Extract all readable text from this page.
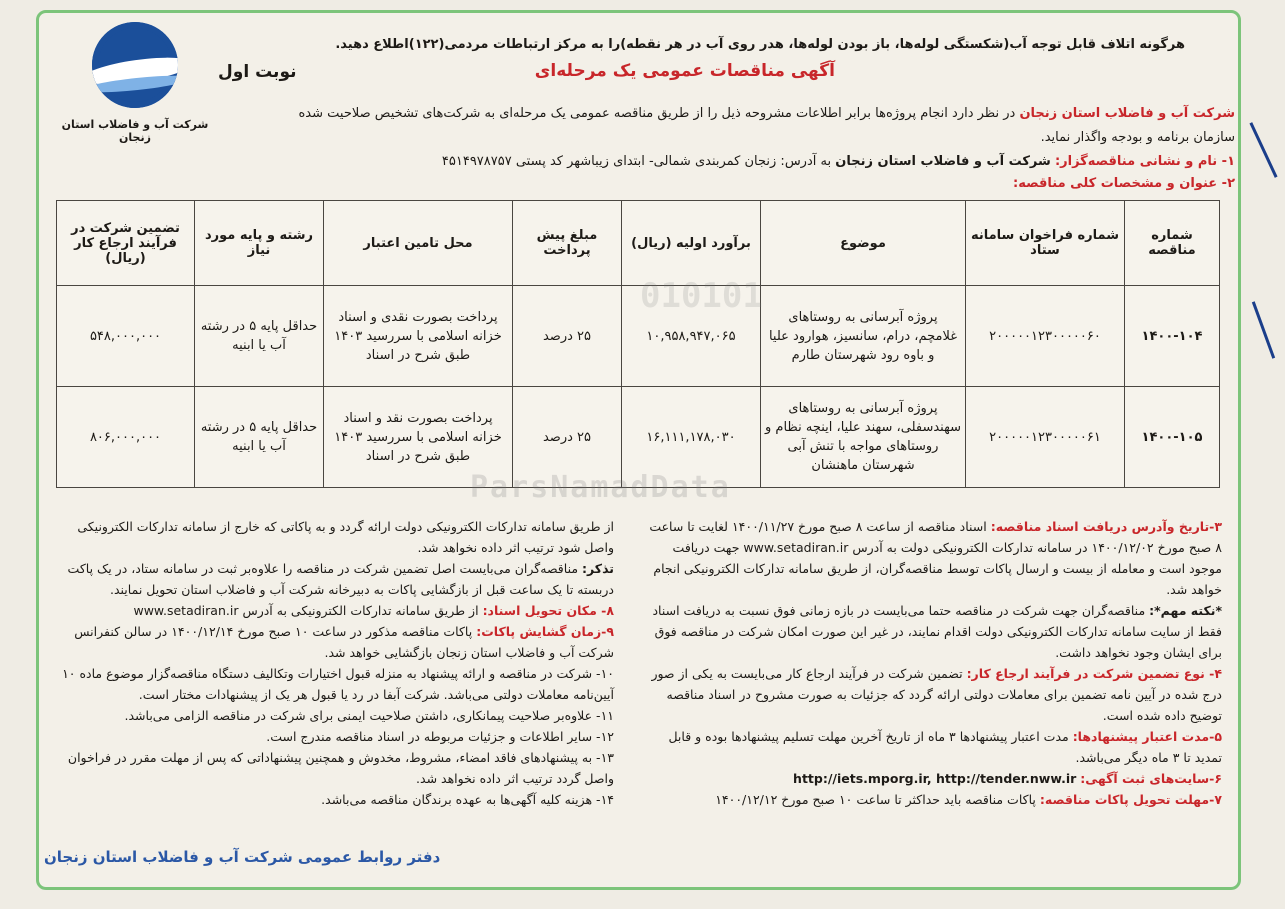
شرکت آب و فاضلاب استان زنجان
نوبت اول
هرگونه اتلاف قابل توجه آب(شکستگی لوله‌ها، باز بودن لوله‌ها، هدر روی آب در هر نقطه)را به مرکز ارتباطات مردمی(۱۲۲)اطلاع دهید.
آگهی مناقصات عمومی یک مرحله‌ای
شرکت آب و فاضلاب استان زنجان در نظر دارد انجام پروژه‌ها برابر اطلاعات مشروحه ذیل را از طریق مناقصه عمومی یک مرحله‌ای به شرکت‌های تشخیص صلاحیت شده
سازمان برنامه و بودجه واگذار نماید.
۱- نام و نشانی مناقصه‌گزار: شرکت آب و فاضلاب استان زنجان به آدرس: زنجان کمربندی شمالی- ابتدای زیباشهر کد پستی ۴۵۱۴۹۷۸۷۵۷
۲- عنوان و مشخصات کلی مناقصه:
شماره مناقصه	شماره فراخوان سامانه ستاد	موضوع	برآورد اولیه (ریال)	مبلغ پیش پرداخت	محل تامین اعتبار	رشته و پایه مورد نیاز	تضمین شرکت در فرآیند ارجاع کار (ریال)
۱۴۰۰-۱۰۴	۲۰۰۰۰۰۱۲۳۰۰۰۰۰۶۰	پروژه آبرسانی به روستاهای غلامچم، درام، سانسیز، هوارود علیا و باوه رود شهرستان طارم	۱۰,۹۵۸,۹۴۷,۰۶۵	۲۵ درصد	پرداخت بصورت نقدی و اسناد خزانه اسلامی با سررسید ۱۴۰۳ طبق شرح در اسناد	حداقل پایه ۵ در رشته آب یا ابنیه	۵۴۸,۰۰۰,۰۰۰
۱۴۰۰-۱۰۵	۲۰۰۰۰۰۱۲۳۰۰۰۰۰۶۱	پروژه آبرسانی به روستاهای سهندسفلی، سهند علیا، اینچه نظام و روستاهای مواجه با تنش آبی شهرستان ماهنشان	۱۶,۱۱۱,۱۷۸,۰۳۰	۲۵ درصد	پرداخت بصورت نقد و اسناد خزانه اسلامی با سررسید ۱۴۰۳ طبق شرح در اسناد	حداقل پایه ۵ در رشته آب یا ابنیه	۸۰۶,۰۰۰,۰۰۰

۳-تاریخ وآدرس دریافت اسناد مناقصه: اسناد مناقصه از ساعت ۸ صبح مورخ ۱۴۰۰/۱۱/۲۷ لغایت تا ساعت ۸ صبح مورخ ۱۴۰۰/۱۲/۰۲ در سامانه تدارکات الکترونیکی دولت به آدرس www.setadiran.ir جهت دریافت موجود است و معامله از بیست و ارسال پاکات توسط مناقصه‌گران، از طریق سامانه تدارکات الکترونیکی انجام خواهد شد.

*نکته مهم*: مناقصه‌گران جهت شرکت در مناقصه حتما می‌بایست در بازه زمانی فوق نسبت به دریافت اسناد فقط از سایت سامانه تدارکات الکترونیکی دولت اقدام نمایند، در غیر این صورت امکان شرکت در مناقصه فوق برای ایشان وجود نخواهد داشت.

۴- نوع تضمین شرکت در فرآیند ارجاع کار: تضمین شرکت در فرآیند ارجاع کار می‌بایست به یکی از صور درج شده در آیین نامه تضمین برای معاملات دولتی ارائه گردد که جزئیات به صورت مشروح در اسناد مناقصه توضیح داده شده است.

۵-مدت اعتبار پیشنهادها: مدت اعتبار پیشنهادها ۳ ماه از تاریخ آخرین مهلت تسلیم پیشنهادها بوده و قابل تمدید تا ۳ ماه دیگر می‌باشد.

۶-سایت‌های ثبت آگهی: http://iets.mporg.ir, http://tender.nww.ir

۷-مهلت تحویل پاکات مناقصه: پاکات مناقصه باید حداکثر تا ساعت ۱۰ صبح مورخ ۱۴۰۰/۱۲/۱۲

از طریق سامانه تدارکات الکترونیکی دولت ارائه گردد و به پاکاتی که خارج از سامانه تدارکات الکترونیکی واصل شود ترتیب اثر داده نخواهد شد.

تذکر: مناقصه‌گران می‌بایست اصل تضمین شرکت در مناقصه را علاوه‌بر ثبت در سامانه ستاد، در یک پاکت دربسته تا یک ساعت قبل از بازگشایی پاکات به دبیرخانه شرکت آب و فاضلاب استان تحویل نمایند.

۸- مکان تحویل اسناد: از طریق سامانه تدارکات الکترونیکی به آدرس www.setadiran.ir

۹-زمان گشایش پاکات: پاکات مناقصه مذکور در ساعت ۱۰ صبح مورخ ۱۴۰۰/۱۲/۱۴ در سالن کنفرانس شرکت آب و فاضلاب استان زنجان بازگشایی خواهد شد.

۱۰- شرکت در مناقصه و ارائه پیشنهاد به منزله قبول اختیارات وتکالیف دستگاه مناقصه‌گزار موضوع ماده ۱۰ آیین‌نامه معاملات دولتی می‌باشد. شرکت آبفا در رد یا قبول هر یک از پیشنهادات مختار است.

۱۱- علاوه‌بر صلاحیت پیمانکاری، داشتن صلاحیت ایمنی برای شرکت در مناقصه الزامی می‌باشد.

۱۲- سایر اطلاعات و جزئیات مربوطه در اسناد مناقصه مندرج است.

۱۳- به پیشنهادهای فاقد امضاء، مشروط، مخدوش و همچنین پیشنهاداتی که پس از مهلت مقرر در فراخوان واصل گردد ترتیب اثر داده نخواهد شد.

۱۴- هزینه کلیه آگهی‌ها به عهده برندگان مناقصه می‌باشد.

دفتر روابط عمومی شرکت آب و فاضلاب استان زنجان
010101
ParsNamadData
